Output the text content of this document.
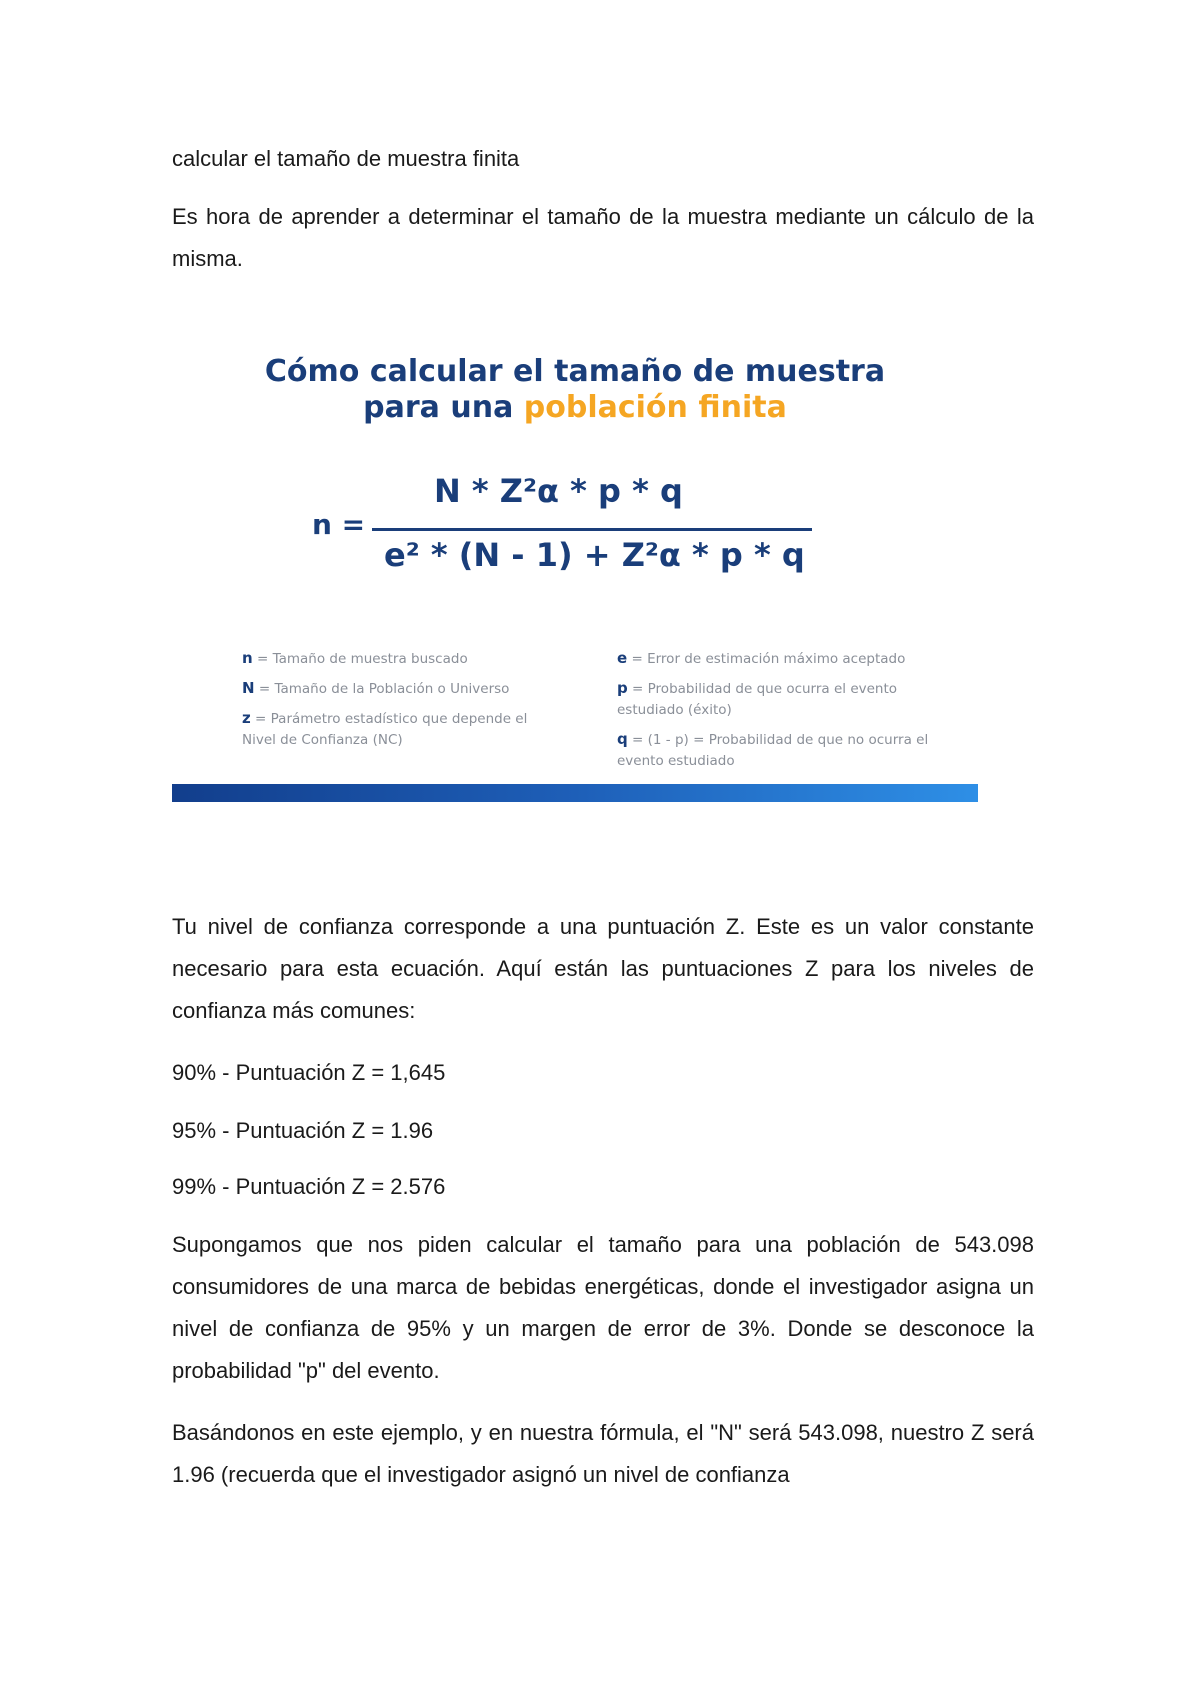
calcular el tamaño de muestra finita

Es hora de aprender a determinar el tamaño de la muestra mediante un cálculo de la misma.

Cómo calcular el tamaño de muestra
para una población finita
n =
N * Z²α * p * q
e² * (N - 1) + Z²α * p * q
n = Tamaño de muestra buscado
N = Tamaño de la Población o Universo
z = Parámetro estadístico que depende el Nivel de Confianza (NC)
e = Error de estimación máximo aceptado
p = Probabilidad de que ocurra el evento estudiado (éxito)
q = (1 - p) = Probabilidad de que no ocurra el evento estudiado

Tu nivel de confianza corresponde a una puntuación Z. Este es un valor constante necesario para esta ecuación. Aquí están las puntuaciones Z para los niveles de confianza más comunes:

90% - Puntuación Z = 1,645

95% - Puntuación Z = 1.96

99% - Puntuación Z = 2.576

Supongamos que nos piden calcular el tamaño para una población de 543.098 consumidores de una marca de bebidas energéticas, donde el investigador asigna un nivel de confianza de 95% y un margen de error de 3%. Donde se desconoce la probabilidad "p" del evento.

Basándonos en este ejemplo, y en nuestra fórmula, el "N" será 543.098, nuestro Z será 1.96 (recuerda que el investigador asignó un nivel de confianza
